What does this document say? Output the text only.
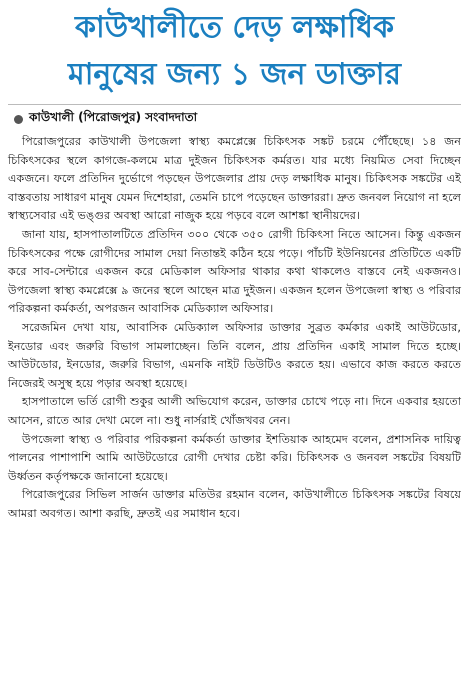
কাউখালীতে দেড় লক্ষাধিক
মানুষের জন্য ১ জন ডাক্তার
কাউখালী (পিরোজপুর) সংবাদদাতা

পিরোজপুরের কাউখালী উপজেলা স্বাস্থ্য কমপ্লেক্সে চিকিৎসক সঙ্কট চরমে পৌঁছেছে। ১৪ জন চিকিৎসকের স্থলে কাগজে-কলমে মাত্র দুইজন চিকিৎসক কর্মরত। যার মধ্যে নিয়মিত সেবা দিচ্ছেন একজনে। ফলে প্রতিদিন দুর্ভোগে পড়ছেন উপজেলার প্রায় দেড় লক্ষাধিক মানুষ। চিকিৎসক সঙ্কটের এই বাস্তবতায় সাধারণ মানুষ যেমন দিশেহারা, তেমনি চাপে পড়েছেন ডাক্তাররা। দ্রুত জনবল নিয়োগ না হলে স্বাস্থ্যসেবার এই ভঙ্গুর অবস্থা আরো নাজুক হয়ে পড়বে বলে আশঙ্কা স্থানীয়দের।

জানা যায়, হাসপাতালটিতে প্রতিদিন ৩০০ থেকে ৩৫০ রোগী চিকিৎসা নিতে আসেন। কিন্তু একজন চিকিৎসকের পক্ষে রোগীদের সামাল দেয়া নিতান্তই কঠিন হয়ে পড়ে। পাঁচটি ইউনিয়নের প্রতিটিতে একটি করে সাব-সেন্টারে একজন করে মেডিকাল অফিসার থাকার কথা থাকলেও বাস্তবে নেই একজনও। উপজেলা স্বাস্থ্য কমপ্লেক্সে ৯ জনের স্থলে আছেন মাত্র দুইজন। একজন হলেন উপজেলা স্বাস্থ্য ও পরিবার পরিকল্পনা কর্মকর্তা, অপরজন আবাসিক মেডিক্যাল অফিসার।

সরেজমিন দেখা যায়, আবাসিক মেডিক্যাল অফিসার ডাক্তার সুব্রত কর্মকার একাই আউটডোর, ইনডোর এবং জরুরি বিভাগ সামলাচ্ছেন। তিনি বলেন, প্রায় প্রতিদিন একাই সামাল দিতে হচ্ছে। আউটডোর, ইনডোর, জরুরি বিভাগ, এমনকি নাইট ডিউটিও করতে হয়। এভাবে কাজ করতে করতে নিজেরই অসুস্থ হয়ে পড়ার অবস্থা হয়েছে।

হাসপাতালে ভর্তি রোগী শুকুর আলী অভিযোগ করেন, ডাক্তার চোখে পড়ে না। দিনে একবার হয়তো আসেন, রাতে আর দেখা মেলে না। শুধু নার্সরাই খোঁজখবর নেন।

উপজেলা স্বাস্থ্য ও পরিবার পরিকল্পনা কর্মকর্তা ডাক্তার ইশতিয়াক আহমেদ বলেন, প্রশাসনিক দায়িত্ব পালনের পাশাপাশি আমি আউটডোরে রোগী দেখার চেষ্টা করি। চিকিৎসক ও জনবল সঙ্কটের বিষয়টি উর্ধ্বতন কর্তৃপক্ষকে জানানো হয়েছে।

পিরোজপুরের সিভিল সার্জন ডাক্তার মতিউর রহমান বলেন, কাউখালীতে চিকিৎসক সঙ্কটের বিষয়ে আমরা অবগত। আশা করছি, দ্রুতই এর সমাধান হবে।
